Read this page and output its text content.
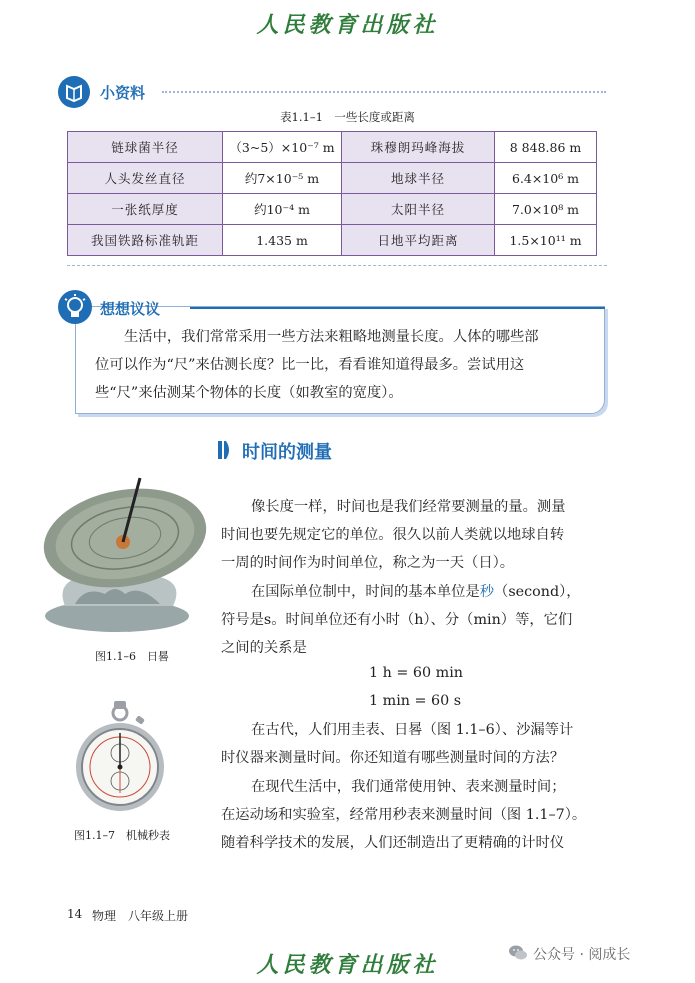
人民教育出版社
小资料
表1.1–1　一些长度或距离
链球菌半径	（3~5）×10⁻⁷ m	珠穆朗玛峰海拔	8 848.86 m
人头发丝直径	约7×10⁻⁵ m	地球半径	6.4×10⁶ m
一张纸厚度	约10⁻⁴ m	太阳半径	7.0×10⁸ m
我国铁路标准轨距	1.435 m	日地平均距离	1.5×10¹¹ m
想想议议
生活中，我们常常采用一些方法来粗略地测量长度。人体的哪些部
位可以作为“尺”来估测长度？比一比，看看谁知道得最多。尝试用这
些“尺”来估测某个物体的长度（如教室的宽度）。
时间的测量
图1.1–6　日晷
图1.1–7　机械秒表
像长度一样，时间也是我们经常要测量的量。测量
时间也要先规定它的单位。很久以前人类就以地球自转
一周的时间作为时间单位，称之为一天（日）。
在国际单位制中，时间的基本单位是秒（second），
符号是s。时间单位还有小时（h）、分（min）等，它们
之间的关系是
1 h = 60 min
1 min = 60 s
在古代，人们用圭表、日晷（图 1.1–6）、沙漏等计
时仪器来测量时间。你还知道有哪些测量时间的方法？
在现代生活中，我们通常使用钟、表来测量时间；
在运动场和实验室，经常用秒表来测量时间（图 1.1–7）。
随着科学技术的发展，人们还制造出了更精确的计时仪
14 物理　八年级上册
人民教育出版社	公众号 · 阅成长
